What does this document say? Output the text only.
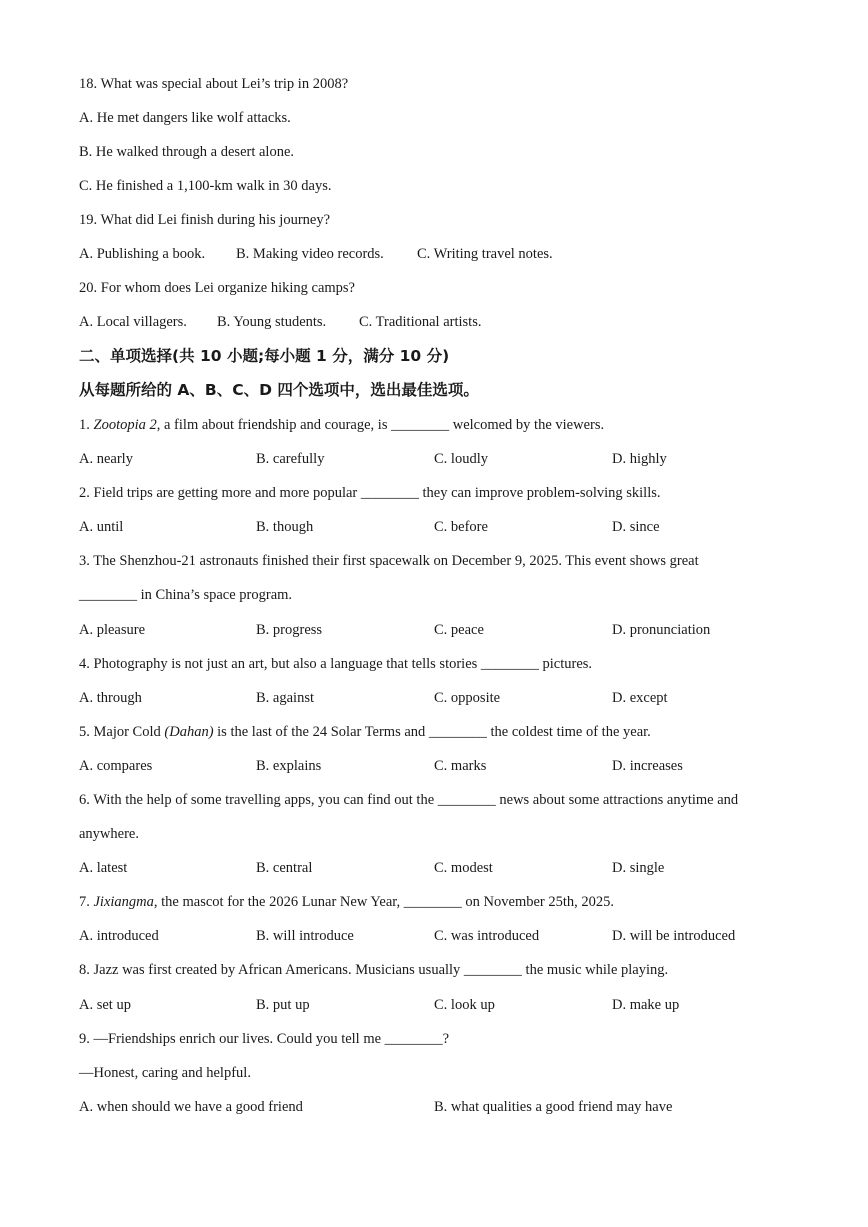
18. What was special about Lei’s trip in 2008?
A. He met dangers like wolf attacks.
B. He walked through a desert alone.
C. He finished a 1,100-km walk in 30 days.
19. What did Lei finish during his journey?
A. Publishing a book. B. Making video records. C. Writing travel notes.
20. For whom does Lei organize hiking camps?
A. Local villagers. B. Young students. C. Traditional artists.
二、单项选择(共 10 小题;每小题 1 分，满分 10 分)
从每题所给的 A、B、C、D 四个选项中，选出最佳选项。
1. Zootopia 2, a film about friendship and courage, is ________ welcomed by the viewers.
A. nearly	B. carefully	C. loudly	D. highly
2. Field trips are getting more and more popular ________ they can improve problem-solving skills.
A. until	B. though	C. before	D. since
3. The Shenzhou-21 astronauts finished their first spacewalk on December 9, 2025. This event shows great
________ in China’s space program.
A. pleasure	B. progress	C. peace	D. pronunciation
4. Photography is not just an art, but also a language that tells stories ________ pictures.
A. through	B. against	C. opposite	D. except
5. Major Cold (Dahan) is the last of the 24 Solar Terms and ________ the coldest time of the year.
A. compares	B. explains	C. marks	D. increases
6. With the help of some travelling apps, you can find out the ________ news about some attractions anytime and
anywhere.
A. latest	B. central	C. modest	D. single
7. Jixiangma, the mascot for the 2026 Lunar New Year, ________ on November 25th, 2025.
A. introduced	B. will introduce	C. was introduced	D. will be introduced
8. Jazz was first created by African Americans. Musicians usually ________ the music while playing.
A. set up	B. put up	C. look up	D. make up
9. —Friendships enrich our lives. Could you tell me ________?
—Honest, caring and helpful.
A. when should we have a good friend	B. what qualities a good friend may have
